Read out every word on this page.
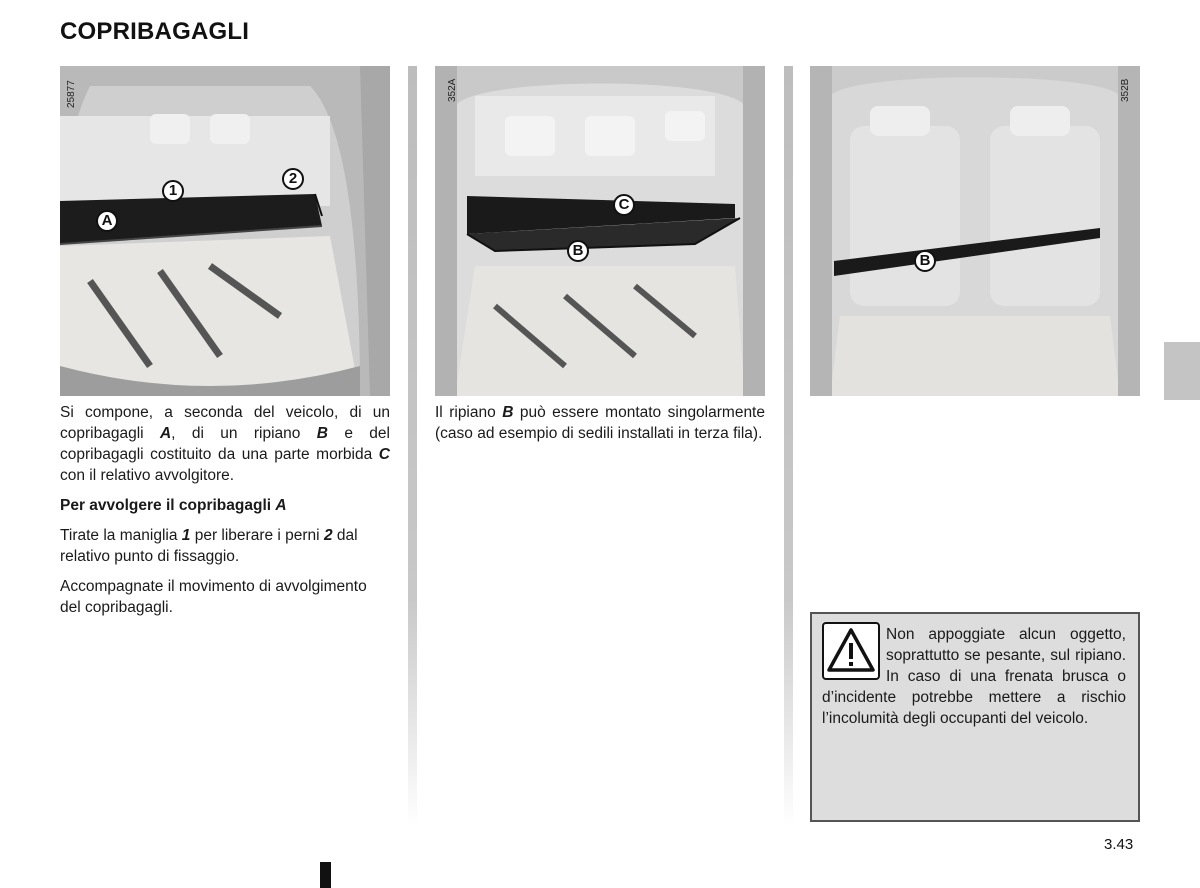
COPRIBAGAGLI
25877
A
1
2
352A
C
B
352B
B

Si compone, a seconda del veicolo, di un copribagagli A, di un ripiano B e del copribagagli costituito da una parte morbida C con il relativo avvolgitore.

Per avvolgere il copribagagli A

Tirate la maniglia 1 per liberare i perni 2 dal relativo punto di fissaggio.

Accompagnate il movimento di avvolgimento del copribagagli.

Il ripiano B può essere montato singolarmente (caso ad esempio di sedili installati in terza fila).

Non appoggiate alcun oggetto, soprattutto se pesante, sul ripiano. In caso di una frenata brusca o d’incidente potrebbe mettere a rischio l’incolumità degli occupanti del veicolo.
3.43
